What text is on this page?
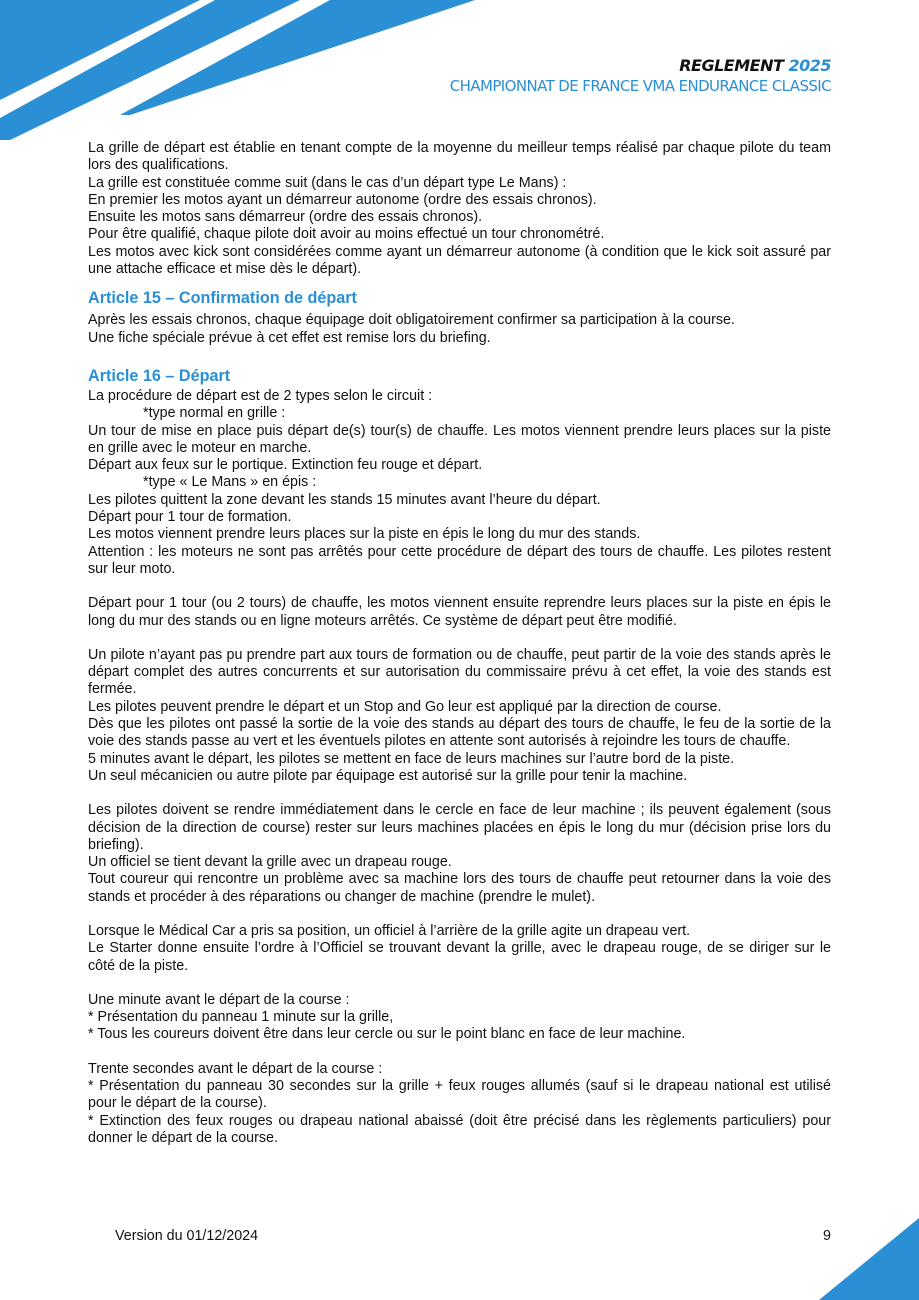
REGLEMENT 2025
CHAMPIONNAT DE FRANCE VMA ENDURANCE CLASSIC

La grille de départ est établie en tenant compte de la moyenne du meilleur temps réalisé par chaque pilote du team lors des qualifications.

La grille est constituée comme suit (dans le cas d’un départ type Le Mans) :

En premier les motos ayant un démarreur autonome (ordre des essais chronos).

Ensuite les motos sans démarreur (ordre des essais chronos).

Pour être qualifié, chaque pilote doit avoir au moins effectué un tour chronométré.

Les motos avec kick sont considérées comme ayant un démarreur autonome (à condition que le kick soit assuré par une attache efficace et mise dès le départ).

Article 15 – Confirmation de départ

Après les essais chronos, chaque équipage doit obligatoirement confirmer sa participation à la course.

Une fiche spéciale prévue à cet effet est remise lors du briefing.

Article 16 – Départ

La procédure de départ est de 2 types selon le circuit :

*type normal en grille :

Un tour de mise en place puis départ de(s) tour(s) de chauffe. Les motos viennent prendre leurs places sur la piste en grille avec le moteur en marche.

Départ aux feux sur le portique. Extinction feu rouge et départ.

*type « Le Mans » en épis :

Les pilotes quittent la zone devant les stands 15 minutes avant l’heure du départ.

Départ pour 1 tour de formation.

Les motos viennent prendre leurs places sur la piste en épis le long du mur des stands.

Attention : les moteurs ne sont pas arrêtés pour cette procédure de départ des tours de chauffe. Les pilotes restent sur leur moto.

Départ pour 1 tour (ou 2 tours) de chauffe, les motos viennent ensuite reprendre leurs places sur la piste en épis le long du mur des stands ou en ligne moteurs arrêtés. Ce système de départ peut être modifié.

Un pilote n’ayant pas pu prendre part aux tours de formation ou de chauffe, peut partir de la voie des stands après le départ complet des autres concurrents et sur autorisation du commissaire prévu à cet effet, la voie des stands est fermée.

Les pilotes peuvent prendre le départ et un Stop and Go leur est appliqué par la direction de course.

Dès que les pilotes ont passé la sortie de la voie des stands au départ des tours de chauffe, le feu de la sortie de la voie des stands passe au vert et les éventuels pilotes en attente sont autorisés à rejoindre les tours de chauffe.

5 minutes avant le départ, les pilotes se mettent en face de leurs machines sur l’autre bord de la piste.

Un seul mécanicien ou autre pilote par équipage est autorisé sur la grille pour tenir la machine.

Les pilotes doivent se rendre immédiatement dans le cercle en face de leur machine ; ils peuvent également (sous décision de la direction de course) rester sur leurs machines placées en épis le long du mur (décision prise lors du briefing).

Un officiel se tient devant la grille avec un drapeau rouge.

Tout coureur qui rencontre un problème avec sa machine lors des tours de chauffe peut retourner dans la voie des stands et procéder à des réparations ou changer de machine (prendre le mulet).

Lorsque le Médical Car a pris sa position, un officiel à l’arrière de la grille agite un drapeau vert.

Le Starter donne ensuite l’ordre à l’Officiel se trouvant devant la grille, avec le drapeau rouge, de se diriger sur le côté de la piste.

Une minute avant le départ de la course :

* Présentation du panneau 1 minute sur la grille,

* Tous les coureurs doivent être dans leur cercle ou sur le point blanc en face de leur machine.

Trente secondes avant le départ de la course :

* Présentation du panneau 30 secondes sur la grille + feux rouges allumés (sauf si le drapeau national est utilisé pour le départ de la course).

* Extinction des feux rouges ou drapeau national abaissé (doit être précisé dans les règlements particuliers) pour donner le départ de la course.

Version du 01/12/2024	9
